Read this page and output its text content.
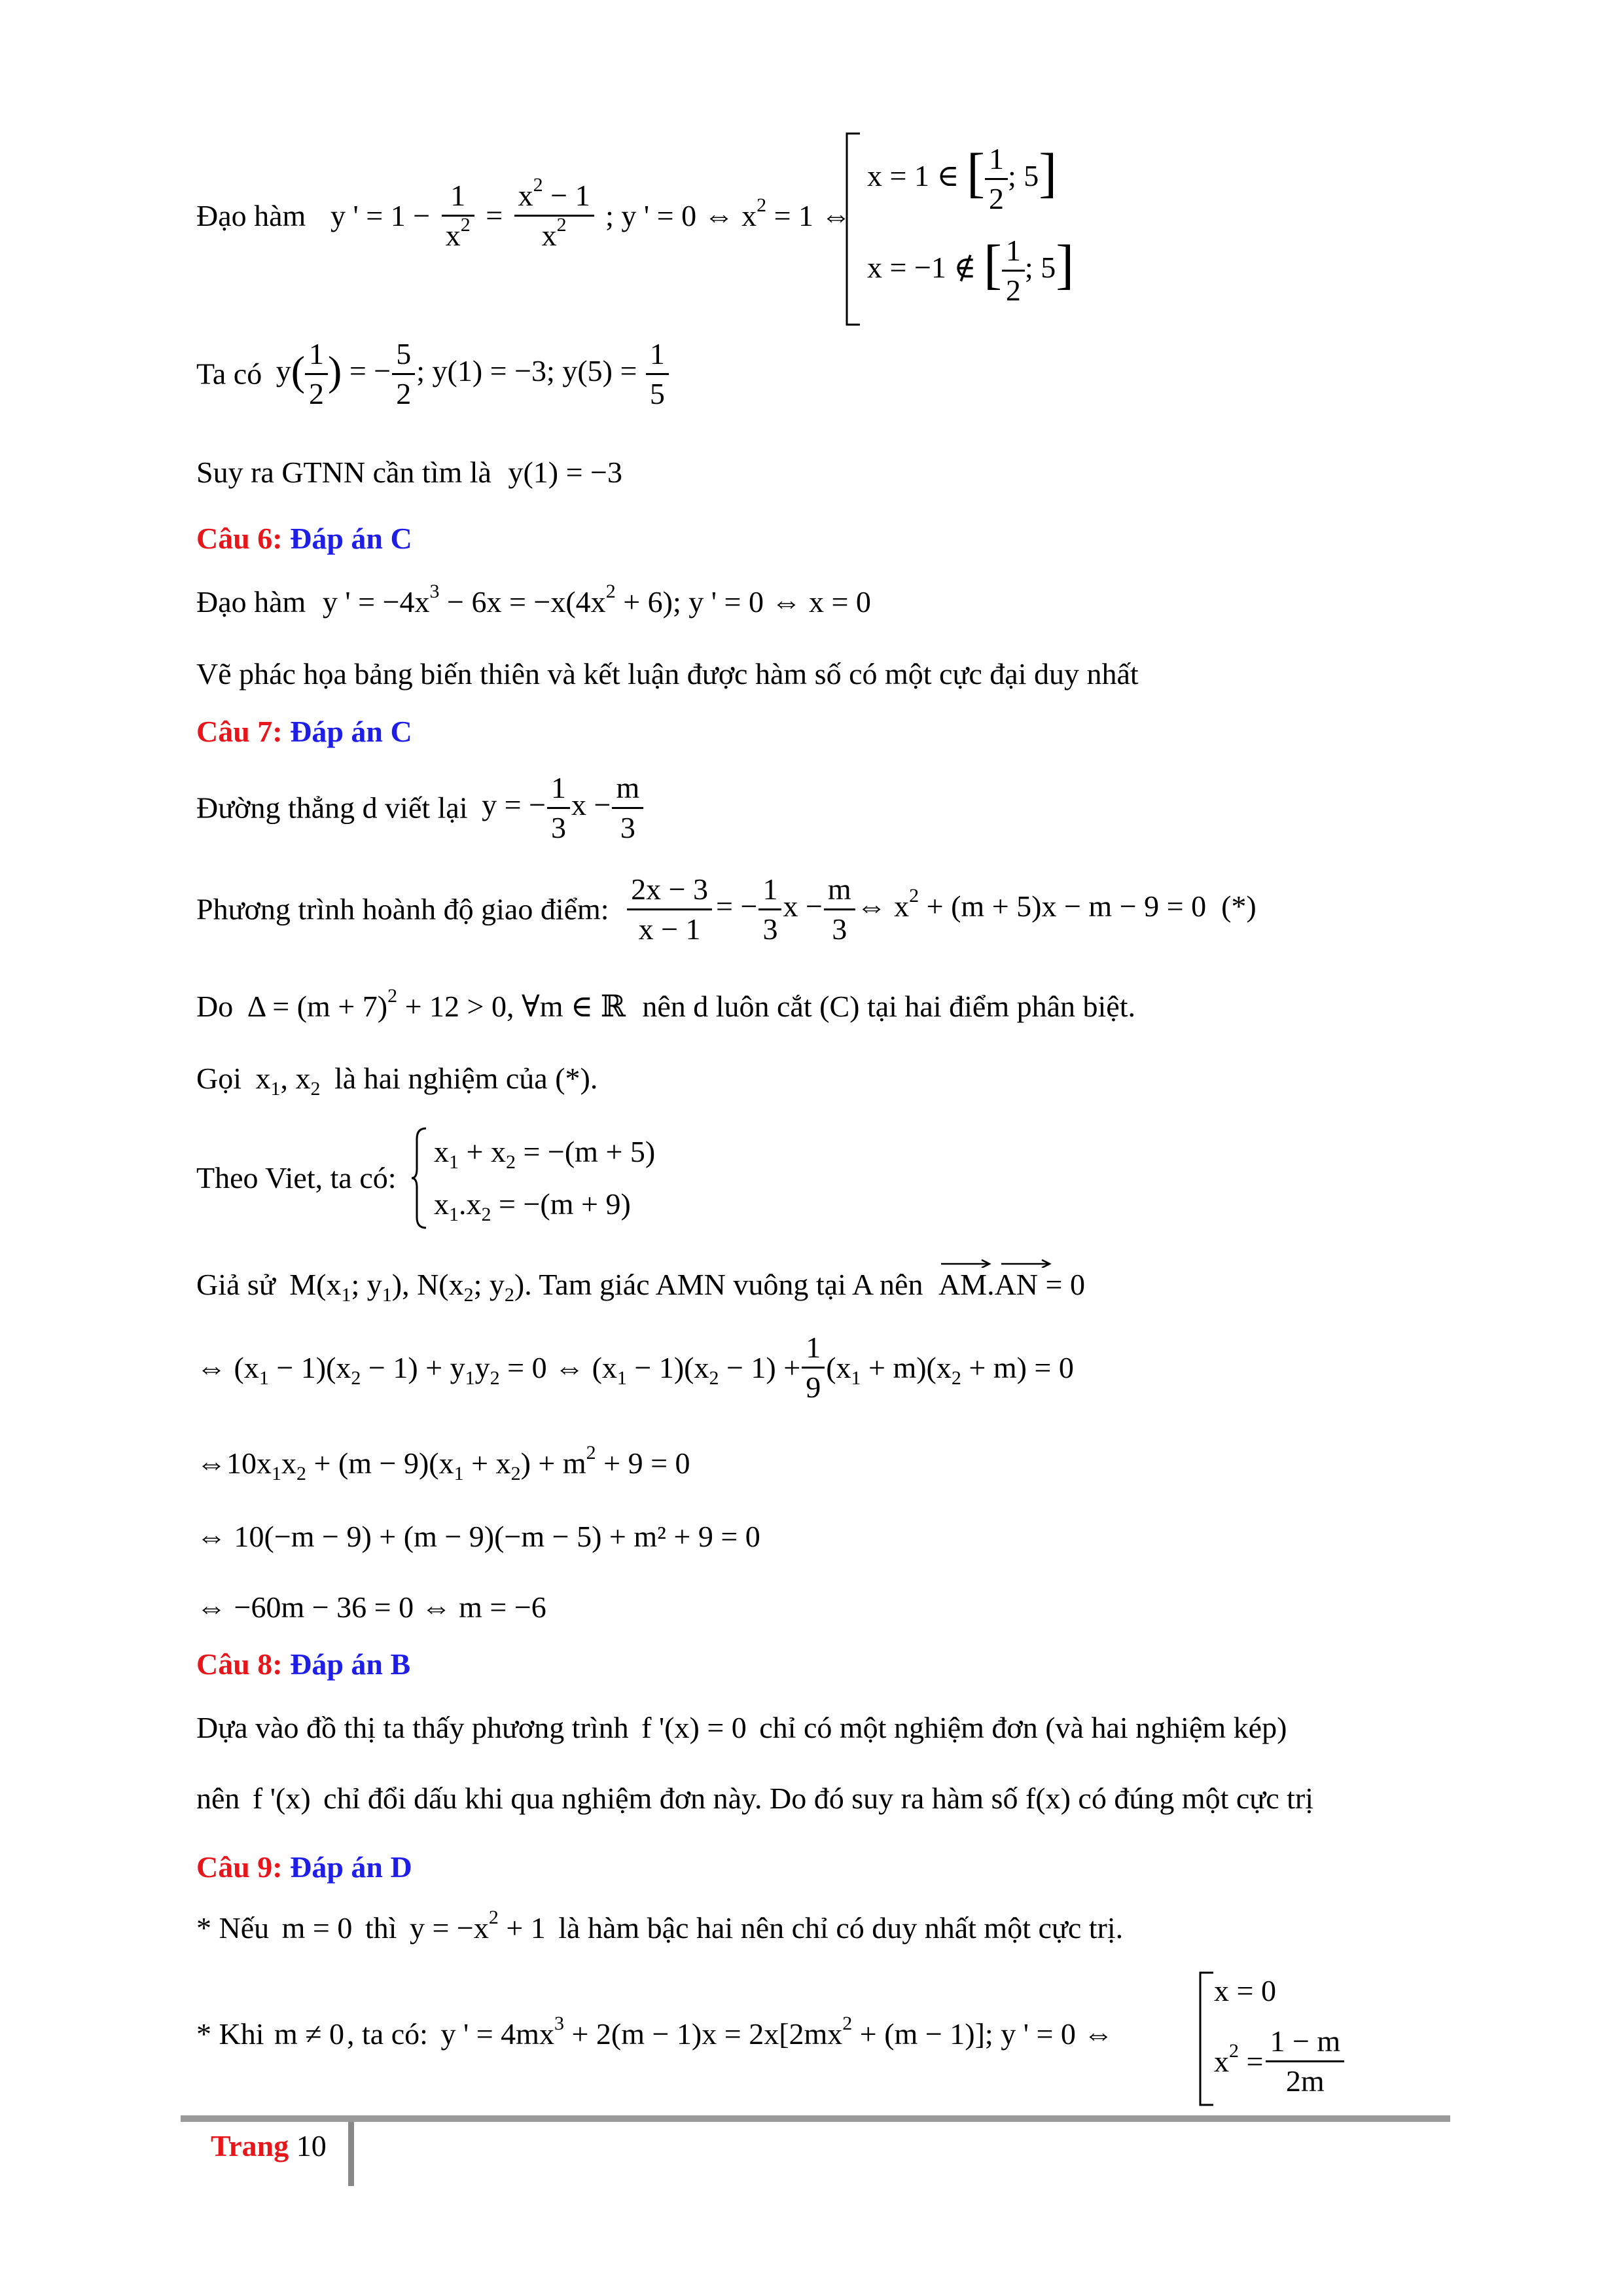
Đạo hàm y ' = $1 - \frac{1}{x^2} = \frac{x^2 - 1}{x^2}$ ; y ' = 0 ⇔ $x^2 = 1$ ⇔
x = 1 ∈ [ $\frac{1}{2}$ ; 5]
x = −1 ∉ [ $\frac{1}{2}$ ; 5]
Ta có $y( \frac{1}{2}$ ) = − $\frac{5}{2}$ ; y(1) = −3; $y(5) = \frac{1}{5}$
Suy ra GTNN cần tìm là y(1) = −3
Câu 6: Đáp án C
Đạo hàm y ' = $-4x^3 - 6x = -x(4x^2 + 6)$; y ' = 0 ⇔ x = 0
Vẽ phác họa bảng biến thiên và kết luận được hàm số có một cực đại duy nhất
Câu 7: Đáp án C
Đường thẳng d viết lại y = − $\frac{1}{3}$ $x - \frac{m}{3}$
Phương trình hoành độ giao điểm: $\frac{2x - 3}{x - 1}$ = − $\frac{1}{3}$ $x - \frac{m}{3}$ ⇔ $x^2 + (m + 5)x - m - 9 = 0$  (*)
Do $\Delta = (m + 7)^2 + 12 > 0$, ∀m ∈ ℝ nên d luôn cắt (C) tại hai điểm phân biệt.
Gọi $x_1$, $x_2$ là hai nghiệm của (*).
Theo Viet, ta có:
$x_1 + x_2 = -(m + 5)$
$x_1.x_2 = -(m + 9)$
Giả sử $M(x_1$; $y_1$), $N(x_2$; $y_2$). Tam giác AMN vuông tại A nên AM.AN = 0
⇔ $(x_1 - 1)(x_2 - 1) + y_1y_2 = 0$ ⇔ $(x_1 - 1)(x_2 - 1) + \frac{1}{9} (x_1 + m)(x_2 + m) = 0$
$\Leftrightarrow 10x_1x_2 + (m - 9)(x_1 + x_2) + m^2 + 9 = 0$
⇔ 10(−m − 9) + (m − 9)(−m − 5) + m² + 9 = 0
⇔ −60m − 36 = 0 ⇔ m = −6
Câu 8: Đáp án B
Dựa vào đồ thị ta thấy phương trình f '(x) = 0 chỉ có một nghiệm đơn (và hai nghiệm kép)
nên f '(x) chỉ đổi dấu khi qua nghiệm đơn này. Do đó suy ra hàm số f(x) có đúng một cực trị
Câu 9: Đáp án D
* Nếu m = 0 thì $y = -x^2 + 1$ là hàm bậc hai nên chỉ có duy nhất một cực trị.
* Khi m ≠ 0, ta có: y ' = $4mx^3 + 2(m - 1)x = 2x[2mx^2 + (m - 1)]$; y ' = 0 ⇔
x = 0
$x^2 = \frac{1 - m}{2m}$
Trang 10
